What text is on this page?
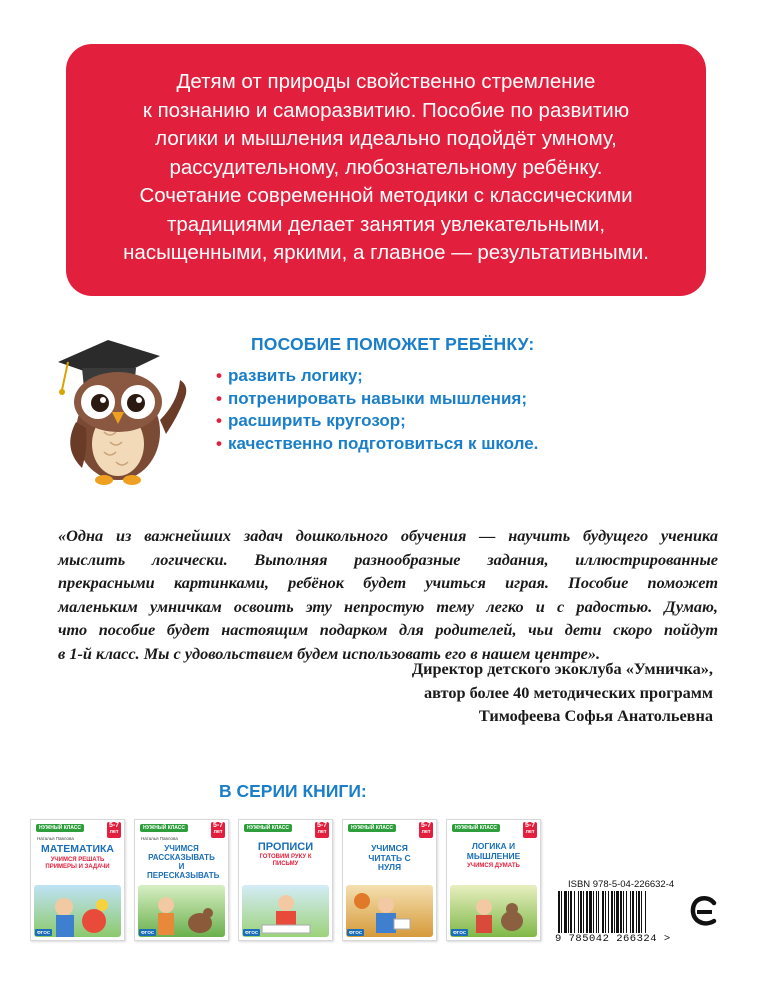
Детям от природы свойственно стремление
к познанию и саморазвитию. Пособие по развитию
логики и мышления идеально подойдёт умному,
рассудительному, любознательному ребёнку.
Сочетание современной методики с классическими
традициями делает занятия увлекательными,
насыщенными, яркими, а главное — результативными.

ПОСОБИЕ ПОМОЖЕТ РЕБЁНКУ:

• развить логику;
• потренировать навыки мышления;
• расширить кругозор;
• качественно подготовиться к школе.

«Одна из важнейших задач дошкольного обучения — научить будущего ученика
мыслить логически. Выполняя разнообразные задания, иллюстрированные
прекрасными картинками, ребёнок будет учиться играя. Пособие поможет
маленьким умничкам освоить эту непростую тему легко и с радостью. Думаю,
что пособие будет настоящим подарком для родителей, чьи дети скоро пойдут
в 1-й класс. Мы с удовольствием будем использовать его в нашем центре».

Директор детского экоклуба «Умничка»,
автор более 40 методических программ
Тимофеева Софья Анатольевна

В СЕРИИ КНИГИ:

НУЖНЫЙ КЛАСС	5-7
лет
Наталья Павлова
МАТЕМАТИКА
УЧИМСЯ РЕШАТЬ ПРИМЕРЫ И ЗАДАЧИ
ФГОС
НУЖНЫЙ КЛАСС	5-7
лет
Наталья Павлова
УЧИМСЯ РАССКАЗЫВАТЬ И ПЕРЕСКАЗЫВАТЬ
ФГОС
НУЖНЫЙ КЛАСС	5-7
лет
ПРОПИСИ
ГОТОВИМ РУКУ К ПИСЬМУ
ФГОС
НУЖНЫЙ КЛАСС	5-7
лет
УЧИМСЯ ЧИТАТЬ С НУЛЯ
ФГОС
НУЖНЫЙ КЛАСС	5-7
лет
ЛОГИКА И МЫШЛЕНИЕ
УЧИМСЯ ДУМАТЬ
ФГОС

ISBN 978-5-04-226632-4

9 785042 266324 >
